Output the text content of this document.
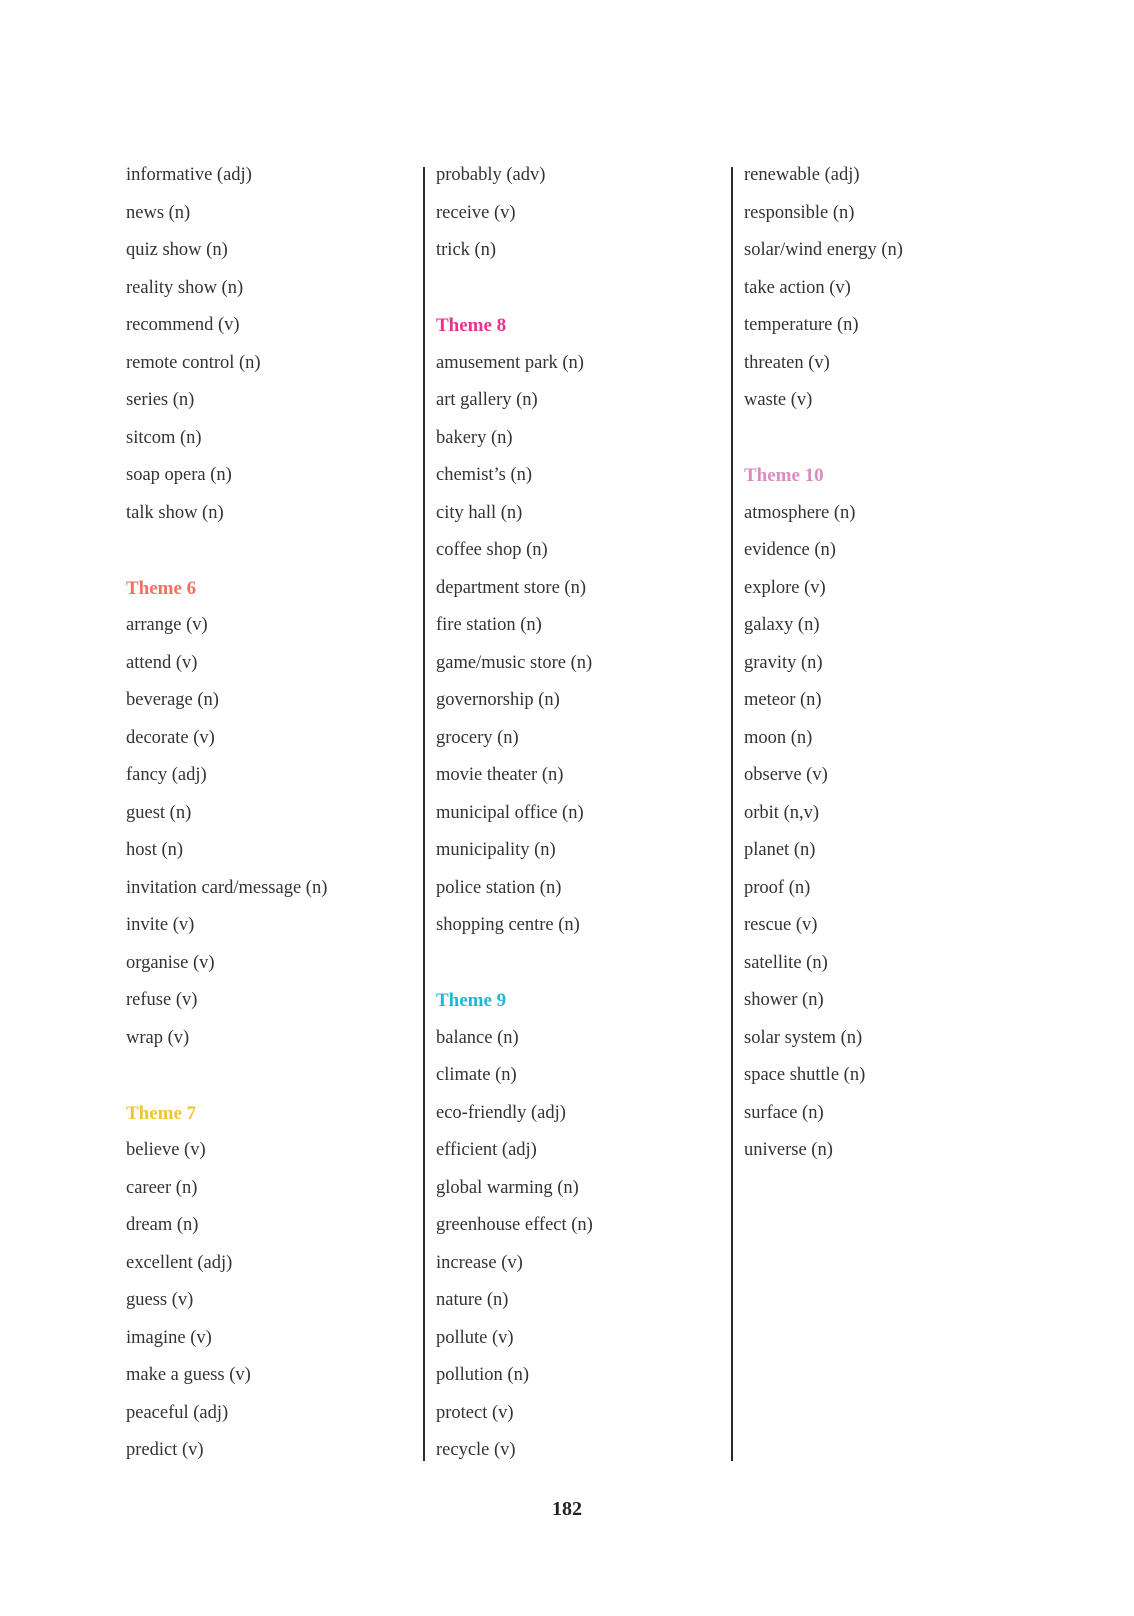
informative (adj)
news (n)
quiz show (n)
reality show (n)
recommend (v)
remote control (n)
series (n)
sitcom (n)
soap opera (n)
talk show (n)
Theme 6
arrange (v)
attend (v)
beverage (n)
decorate (v)
fancy (adj)
guest (n)
host (n)
invitation card/message (n)
invite (v)
organise (v)
refuse (v)
wrap (v)
Theme 7
believe (v)
career (n)
dream (n)
excellent (adj)
guess (v)
imagine (v)
make a guess (v)
peaceful (adj)
predict (v)
probably (adv)
receive (v)
trick (n)
Theme 8
amusement park (n)
art gallery (n)
bakery (n)
chemist’s (n)
city hall (n)
coffee shop (n)
department store (n)
fire station (n)
game/music store (n)
governorship (n)
grocery (n)
movie theater (n)
municipal office (n)
municipality (n)
police station (n)
shopping centre (n)
Theme 9
balance (n)
climate (n)
eco-friendly (adj)
efficient (adj)
global warming (n)
greenhouse effect (n)
increase (v)
nature (n)
pollute (v)
pollution (n)
protect (v)
recycle (v)
renewable (adj)
responsible (n)
solar/wind energy (n)
take action (v)
temperature (n)
threaten (v)
waste (v)
Theme 10
atmosphere (n)
evidence (n)
explore (v)
galaxy (n)
gravity (n)
meteor (n)
moon (n)
observe (v)
orbit (n,v)
planet (n)
proof (n)
rescue (v)
satellite (n)
shower (n)
solar system (n)
space shuttle (n)
surface (n)
universe (n)
182
